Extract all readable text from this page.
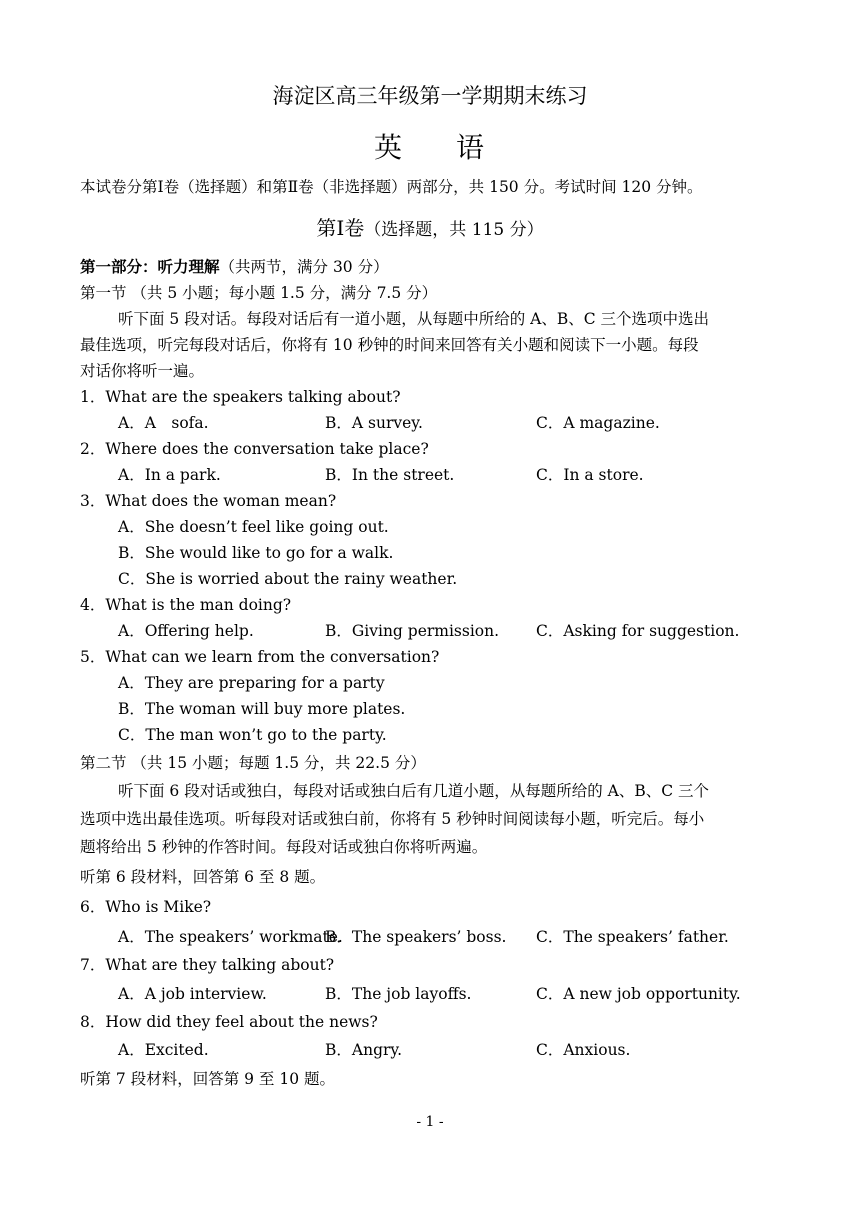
海淀区高三年级第一学期期末练习
英 语
本试卷分第Ⅰ卷（选择题）和第Ⅱ卷（非选择题）两部分，共 150 分。考试时间 120 分钟。
第Ⅰ卷（选择题，共 115 分）
第一部分：听力理解（共两节，满分 30 分）
第一节 （共 5 小题；每小题 1.5 分，满分 7.5 分）
听下面 5 段对话。每段对话后有一道小题，从每题中所给的 A、B、C 三个选项中选出
最佳选项，听完每段对话后，你将有 10 秒钟的时间来回答有关小题和阅读下一小题。每段
对话你将听一遍。
1．What are the speakers talking about?
A．A　sofa.	B．A survey.	C．A magazine.
2．Where does the conversation take place?
A．In a park.	B．In the street.	C．In a store.
3．What does the woman mean?
A．She doesn’t feel like going out.
B．She would like to go for a walk.
C．She is worried about the rainy weather.
4．What is the man doing?
A．Offering help.	B．Giving permission. C．Asking for suggestion.
5．What can we learn from the conversation?
A．They are preparing for a party
B．The woman will buy more plates.
C．The man won’t go to the party.
第二节 （共 15 小题；每题 1.5 分，共 22.5 分）
听下面 6 段对话或独白，每段对话或独白后有几道小题，从每题所给的 A、B、C 三个
选项中选出最佳选项。听每段对话或独白前，你将有 5 秒钟时间阅读每小题，听完后。每小
题将给出 5 秒钟的作答时间。每段对话或独白你将听两遍。
听第 6 段材料，回答第 6 至 8 题。
6．Who is Mike?
A．The speakers’ workmate.
B．The speakers’ boss. C．The speakers’ father.
7．What are they talking about?
A．A job interview.	B．The job layoffs.	C．A new job opportunity.
8．How did they feel about the news?
A．Excited.	B．Angry.	C．Anxious.
听第 7 段材料，回答第 9 至 10 题。
- 1 -
